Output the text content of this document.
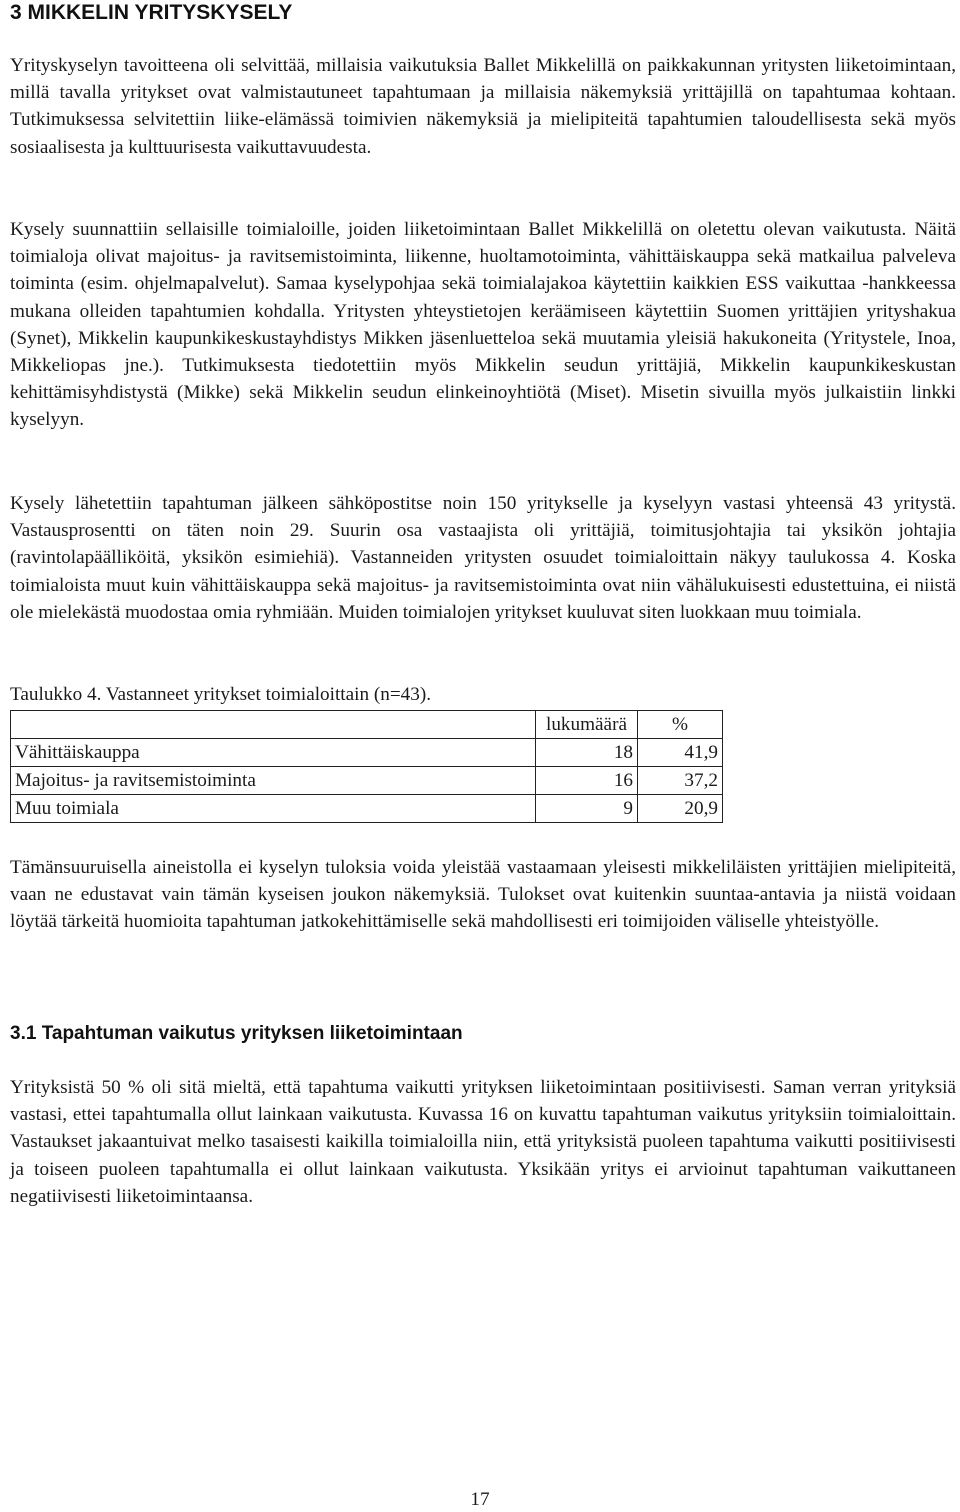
3 MIKKELIN YRITYSKYSELY

Yrityskyselyn tavoitteena oli selvittää, millaisia vaikutuksia Ballet Mikkelillä on paikkakunnan yritysten liiketoimintaan, millä tavalla yritykset ovat valmistautuneet tapahtumaan ja millaisia näkemyksiä yrittäjillä on tapahtumaa kohtaan. Tutkimuksessa selvitettiin liike-elämässä toimivien näkemyksiä ja mielipiteitä tapahtumien taloudellisesta sekä myös sosiaalisesta ja kulttuurisesta vaikuttavuudesta.

Kysely suunnattiin sellaisille toimialoille, joiden liiketoimintaan Ballet Mikkelillä on oletettu olevan vaikutusta. Näitä toimialoja olivat majoitus- ja ravitsemistoiminta, liikenne, huoltamotoiminta, vähittäiskauppa sekä matkailua palveleva toiminta (esim. ohjelmapalvelut). Samaa kyselypohjaa sekä toimialajakoa käytettiin kaikkien ESS vaikuttaa -hankkeessa mukana olleiden tapahtumien kohdalla. Yritysten yhteystietojen keräämiseen käytettiin Suomen yrittäjien yrityshakua (Synet), Mikkelin kaupunkikeskustayhdistys Mikken jäsenluetteloa sekä muutamia yleisiä hakukoneita (Yritystele, Inoa, Mikkeliopas jne.). Tutkimuksesta tiedotettiin myös Mikkelin seudun yrittäjiä, Mikkelin kaupunkikeskustan kehittämisyhdistystä (Mikke) sekä Mikkelin seudun elinkeinoyhtiötä (Miset). Misetin sivuilla myös julkaistiin linkki kyselyyn.

Kysely lähetettiin tapahtuman jälkeen sähköpostitse noin 150 yritykselle ja kyselyyn vastasi yhteensä 43 yritystä. Vastausprosentti on täten noin 29. Suurin osa vastaajista oli yrittäjiä, toimitusjohtajia tai yksikön johtajia (ravintolapäälliköitä, yksikön esimiehiä). Vastanneiden yritysten osuudet toimialoittain näkyy taulukossa 4. Koska toimialoista muut kuin vähittäiskauppa sekä majoitus- ja ravitsemistoiminta ovat niin vähälukuisesti edustettuina, ei niistä ole mielekästä muodostaa omia ryhmiään. Muiden toimialojen yritykset kuuluvat siten luokkaan muu toimiala.

Taulukko 4. Vastanneet yritykset toimialoittain (n=43).
	lukumäärä	%
Vähittäiskauppa	18	41,9
Majoitus- ja ravitsemistoiminta	16	37,2
Muu toimiala	9	20,9

Tämänsuuruisella aineistolla ei kyselyn tuloksia voida yleistää vastaamaan yleisesti mikkeliläisten yrittäjien mielipiteitä, vaan ne edustavat vain tämän kyseisen joukon näkemyksiä. Tulokset ovat kuitenkin suuntaa-antavia ja niistä voidaan löytää tärkeitä huomioita tapahtuman jatkokehittämiselle sekä mahdollisesti eri toimijoiden väliselle yhteistyölle.

3.1 Tapahtuman vaikutus yrityksen liiketoimintaan

Yrityksistä 50 % oli sitä mieltä, että tapahtuma vaikutti yrityksen liiketoimintaan positiivisesti. Saman verran yrityksiä vastasi, ettei tapahtumalla ollut lainkaan vaikutusta. Kuvassa 16 on kuvattu tapahtuman vaikutus yrityksiin toimialoittain. Vastaukset jakaantuivat melko tasaisesti kaikilla toimialoilla niin, että yrityksistä puoleen tapahtuma vaikutti positiivisesti ja toiseen puoleen tapahtumalla ei ollut lainkaan vaikutusta. Yksikään yritys ei arvioinut tapahtuman vaikuttaneen negatiivisesti liiketoimintaansa.

17
